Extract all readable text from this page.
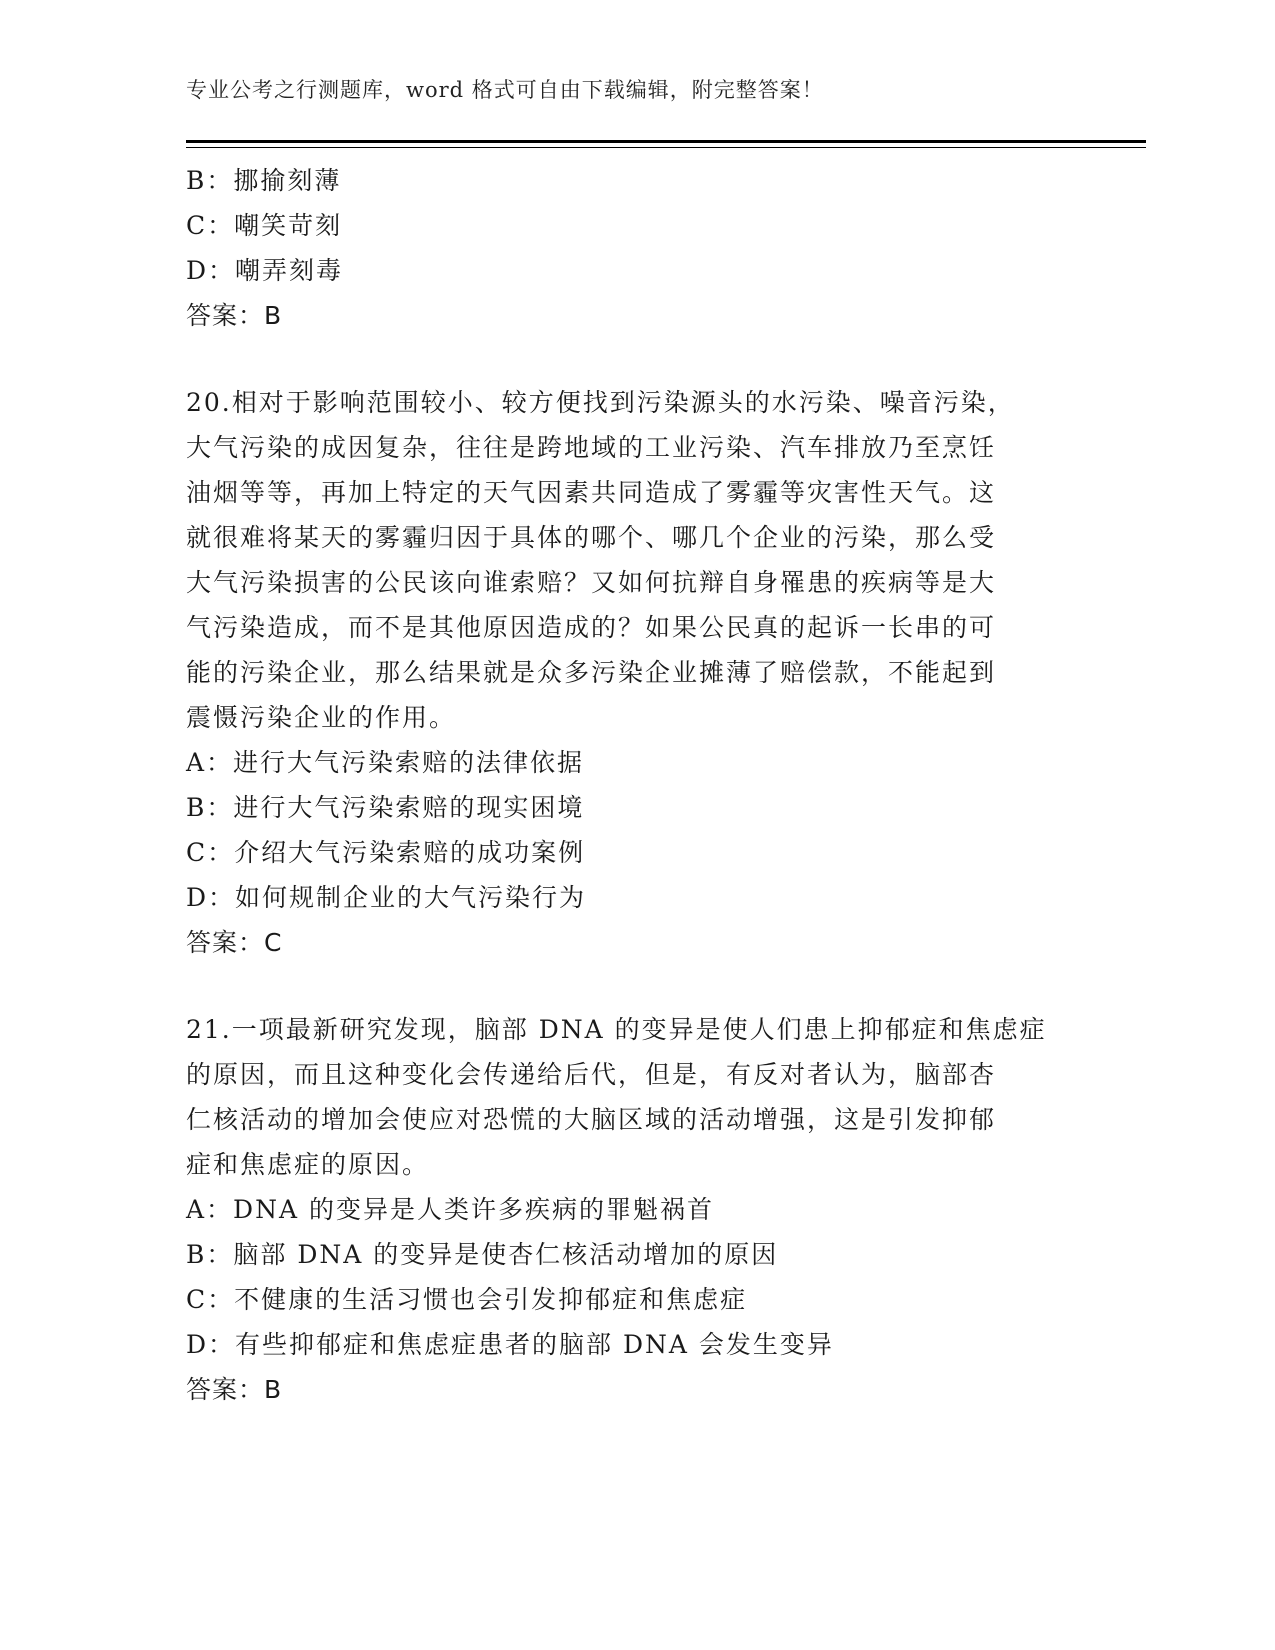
专业公考之行测题库，word 格式可自由下载编辑，附完整答案！
B：挪揄刻薄
C：嘲笑苛刻
D：嘲弄刻毒
答案：B
20.相对于影响范围较小、较方便找到污染源头的水污染、噪音污染，
大气污染的成因复杂，往往是跨地域的工业污染、汽车排放乃至烹饪
油烟等等，再加上特定的天气因素共同造成了雾霾等灾害性天气。这
就很难将某天的雾霾归因于具体的哪个、哪几个企业的污染，那么受
大气污染损害的公民该向谁索赔？又如何抗辩自身罹患的疾病等是大
气污染造成，而不是其他原因造成的？如果公民真的起诉一长串的可
能的污染企业，那么结果就是众多污染企业摊薄了赔偿款，不能起到
震慑污染企业的作用。
A：进行大气污染索赔的法律依据
B：进行大气污染索赔的现实困境
C：介绍大气污染索赔的成功案例
D：如何规制企业的大气污染行为
答案：C
21.一项最新研究发现，脑部 DNA 的变异是使人们患上抑郁症和焦虑症
的原因，而且这种变化会传递给后代，但是，有反对者认为，脑部杏
仁核活动的增加会使应对恐慌的大脑区域的活动增强，这是引发抑郁
症和焦虑症的原因。
A：DNA 的变异是人类许多疾病的罪魁祸首
B：脑部 DNA 的变异是使杏仁核活动增加的原因
C：不健康的生活习惯也会引发抑郁症和焦虑症
D：有些抑郁症和焦虑症患者的脑部 DNA 会发生变异
答案：B
